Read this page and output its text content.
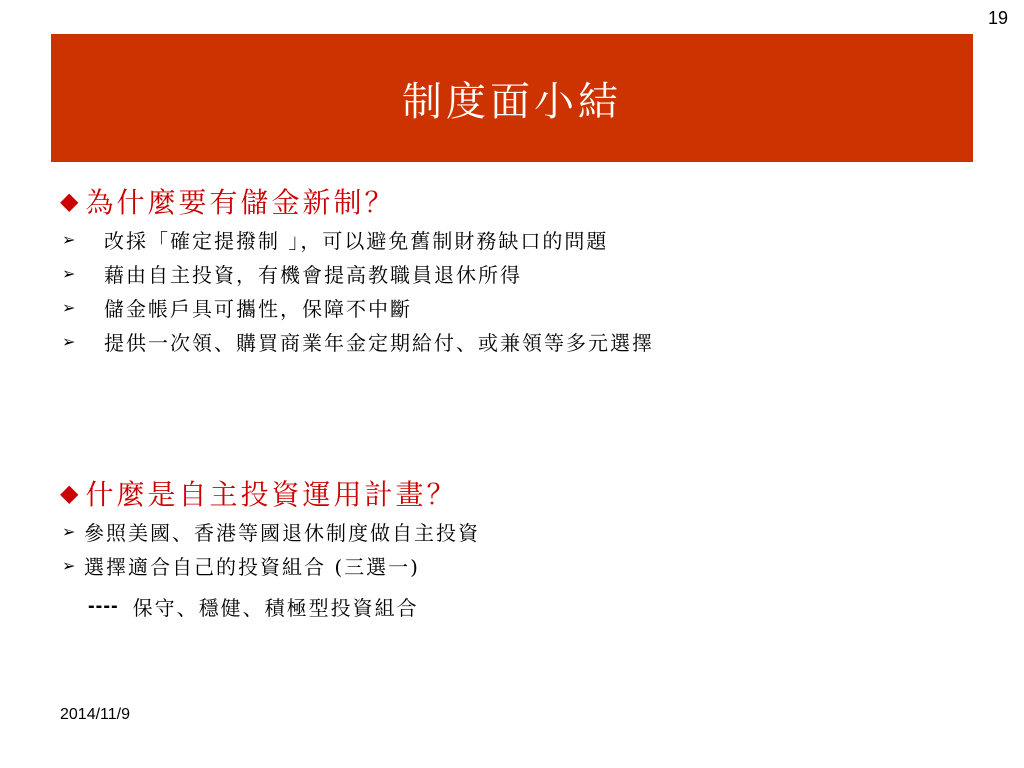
19
制度面小結
◆ 為什麼要有儲金新制？
➢	改採「確定提撥制 」，可以避免舊制財務缺口的問題
➢	藉由自主投資，有機會提高教職員退休所得
➢	儲金帳戶具可攜性，保障不中斷
➢	提供一次領、購買商業年金定期給付、或兼領等多元選擇
◆ 什麼是自主投資運用計畫？
➢ 參照美國、香港等國退休制度做自主投資
➢ 選擇適合自己的投資組合 (三選一)
---- 保守、穩健、積極型投資組合
2014/11/9
